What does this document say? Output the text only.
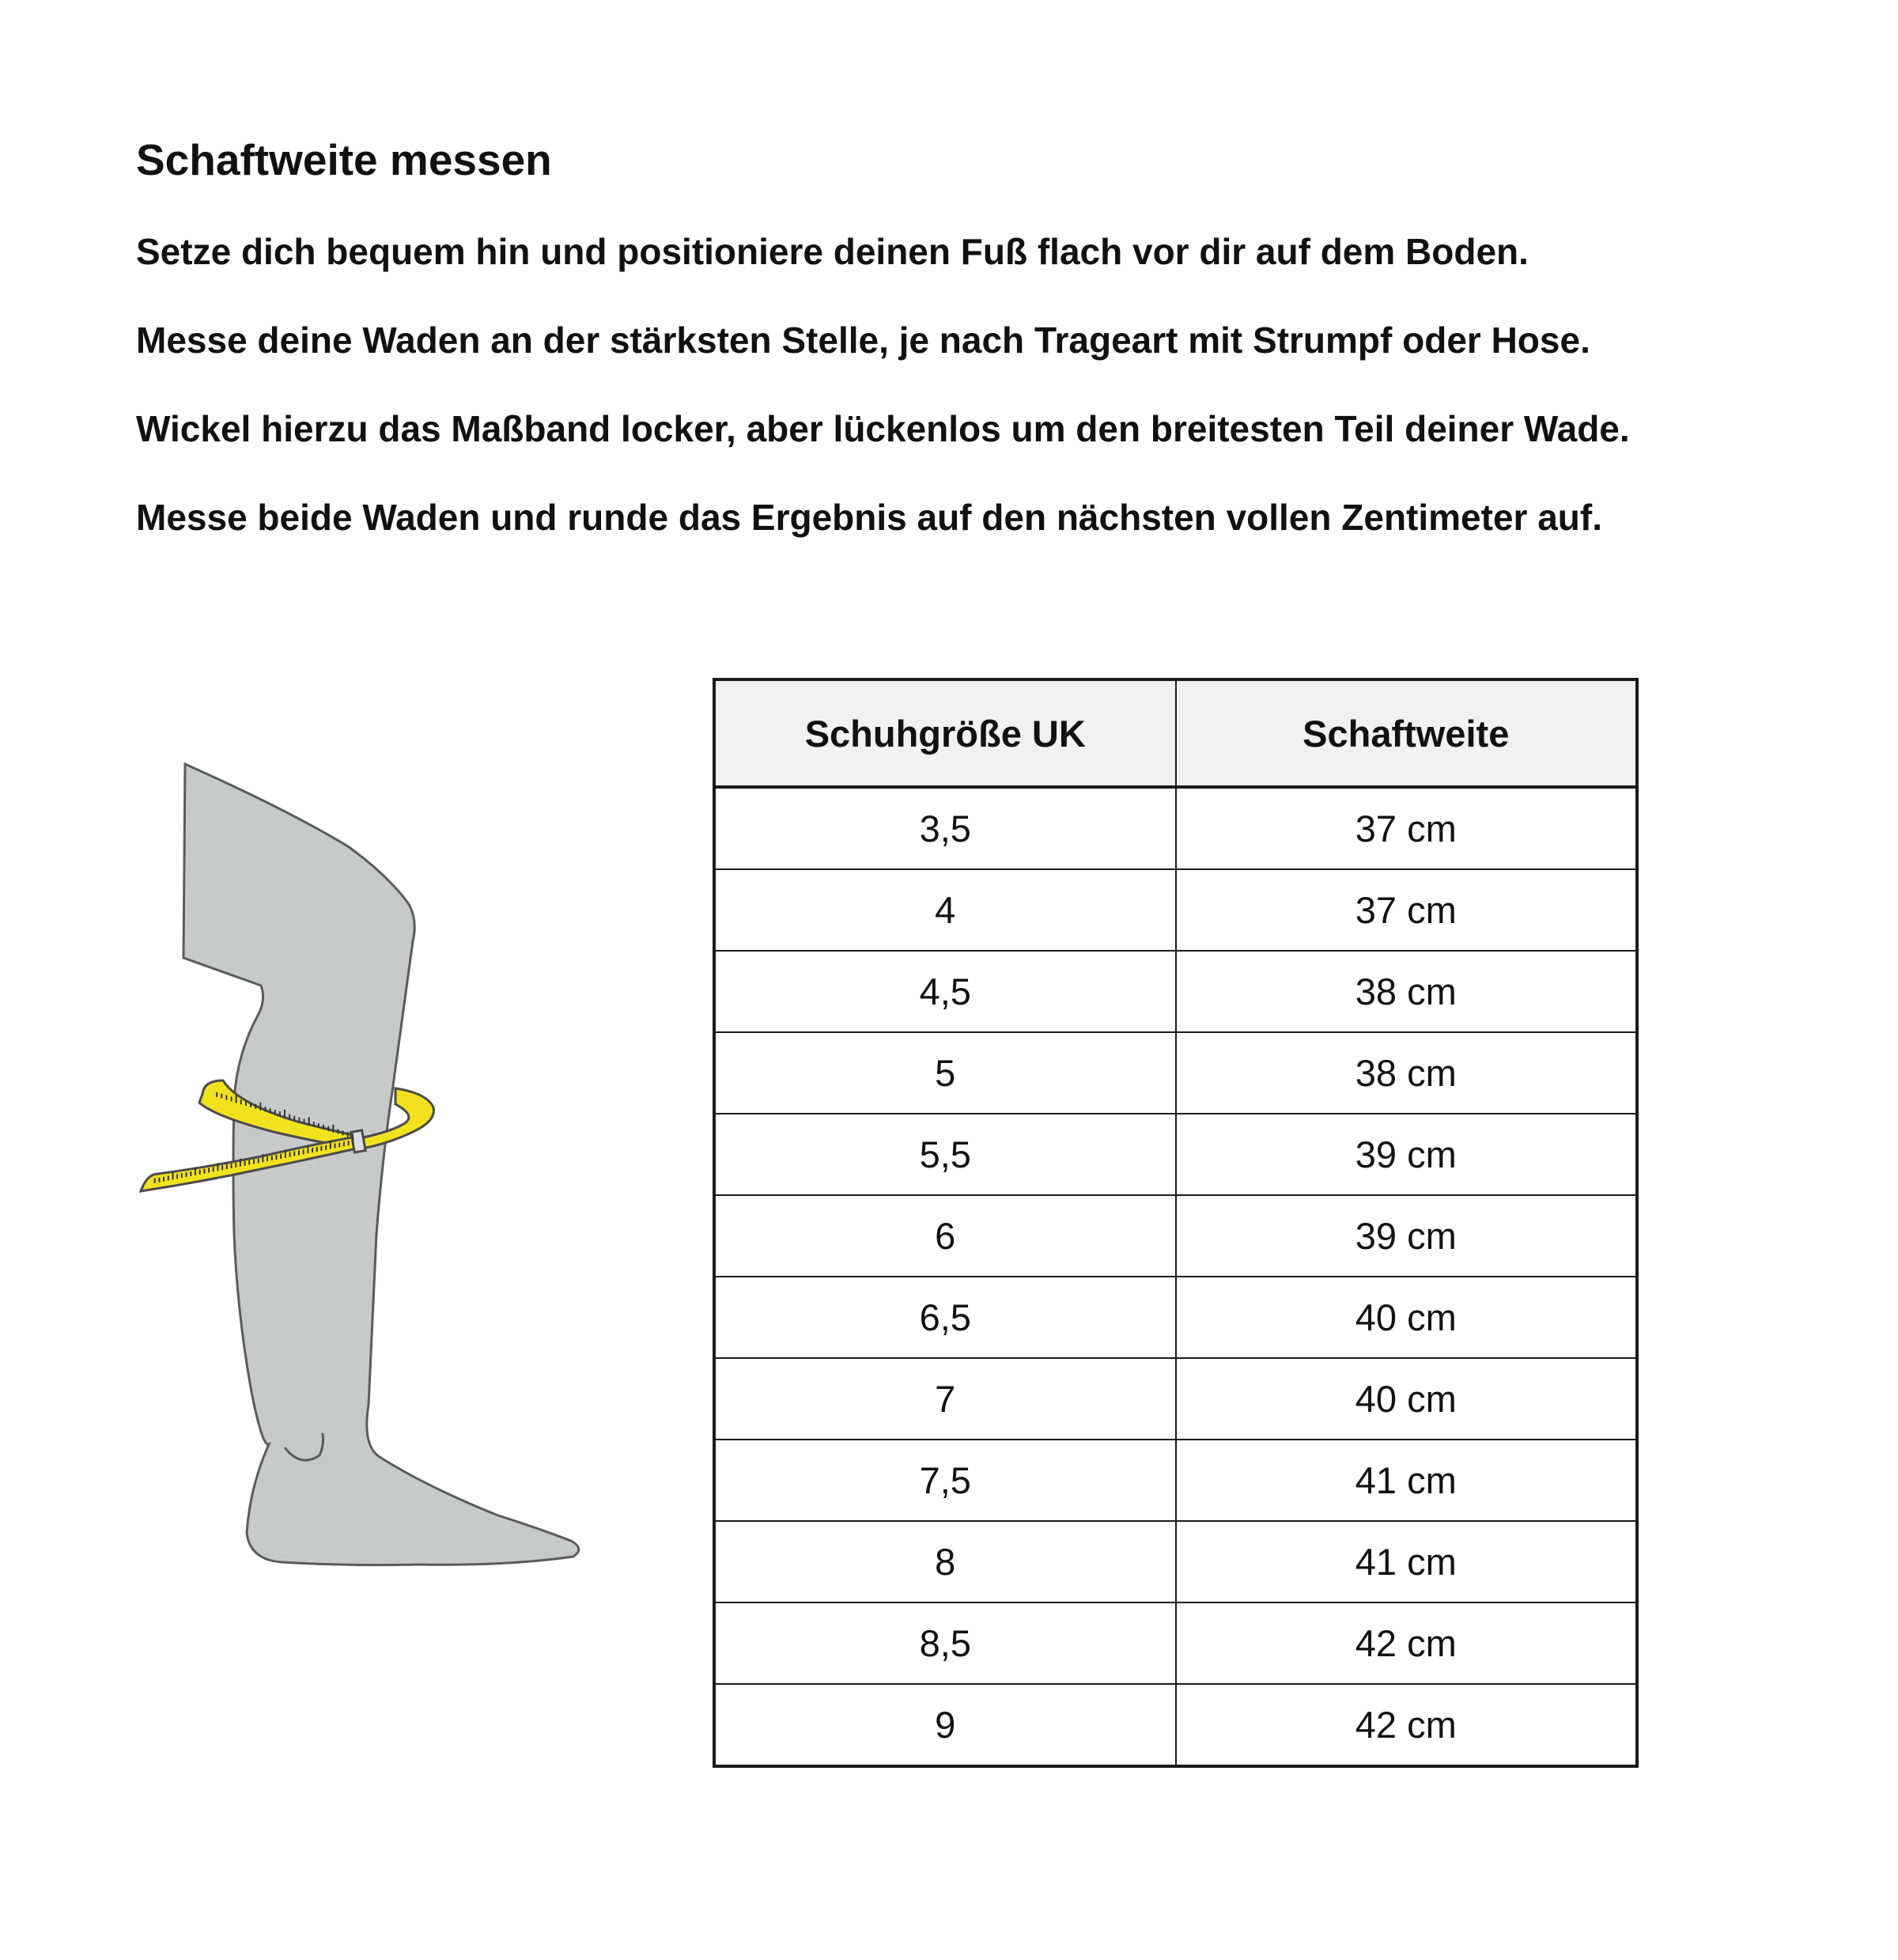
Schaftweite messen
Setze dich bequem hin und positioniere deinen Fuß flach vor dir auf dem Boden.
Messe deine Waden an der stärksten Stelle, je nach Trageart mit Strumpf oder Hose.
Wickel hierzu das Maßband locker, aber lückenlos um den breitesten Teil deiner Wade.
Messe beide Waden und runde das Ergebnis auf den nächsten vollen Zentimeter auf.
Schuhgröße UK	Schaftweite
3,5	37 cm
4	37 cm
4,5	38 cm
5	38 cm
5,5	39 cm
6	39 cm
6,5	40 cm
7	40 cm
7,5	41 cm
8	41 cm
8,5	42 cm
9	42 cm
